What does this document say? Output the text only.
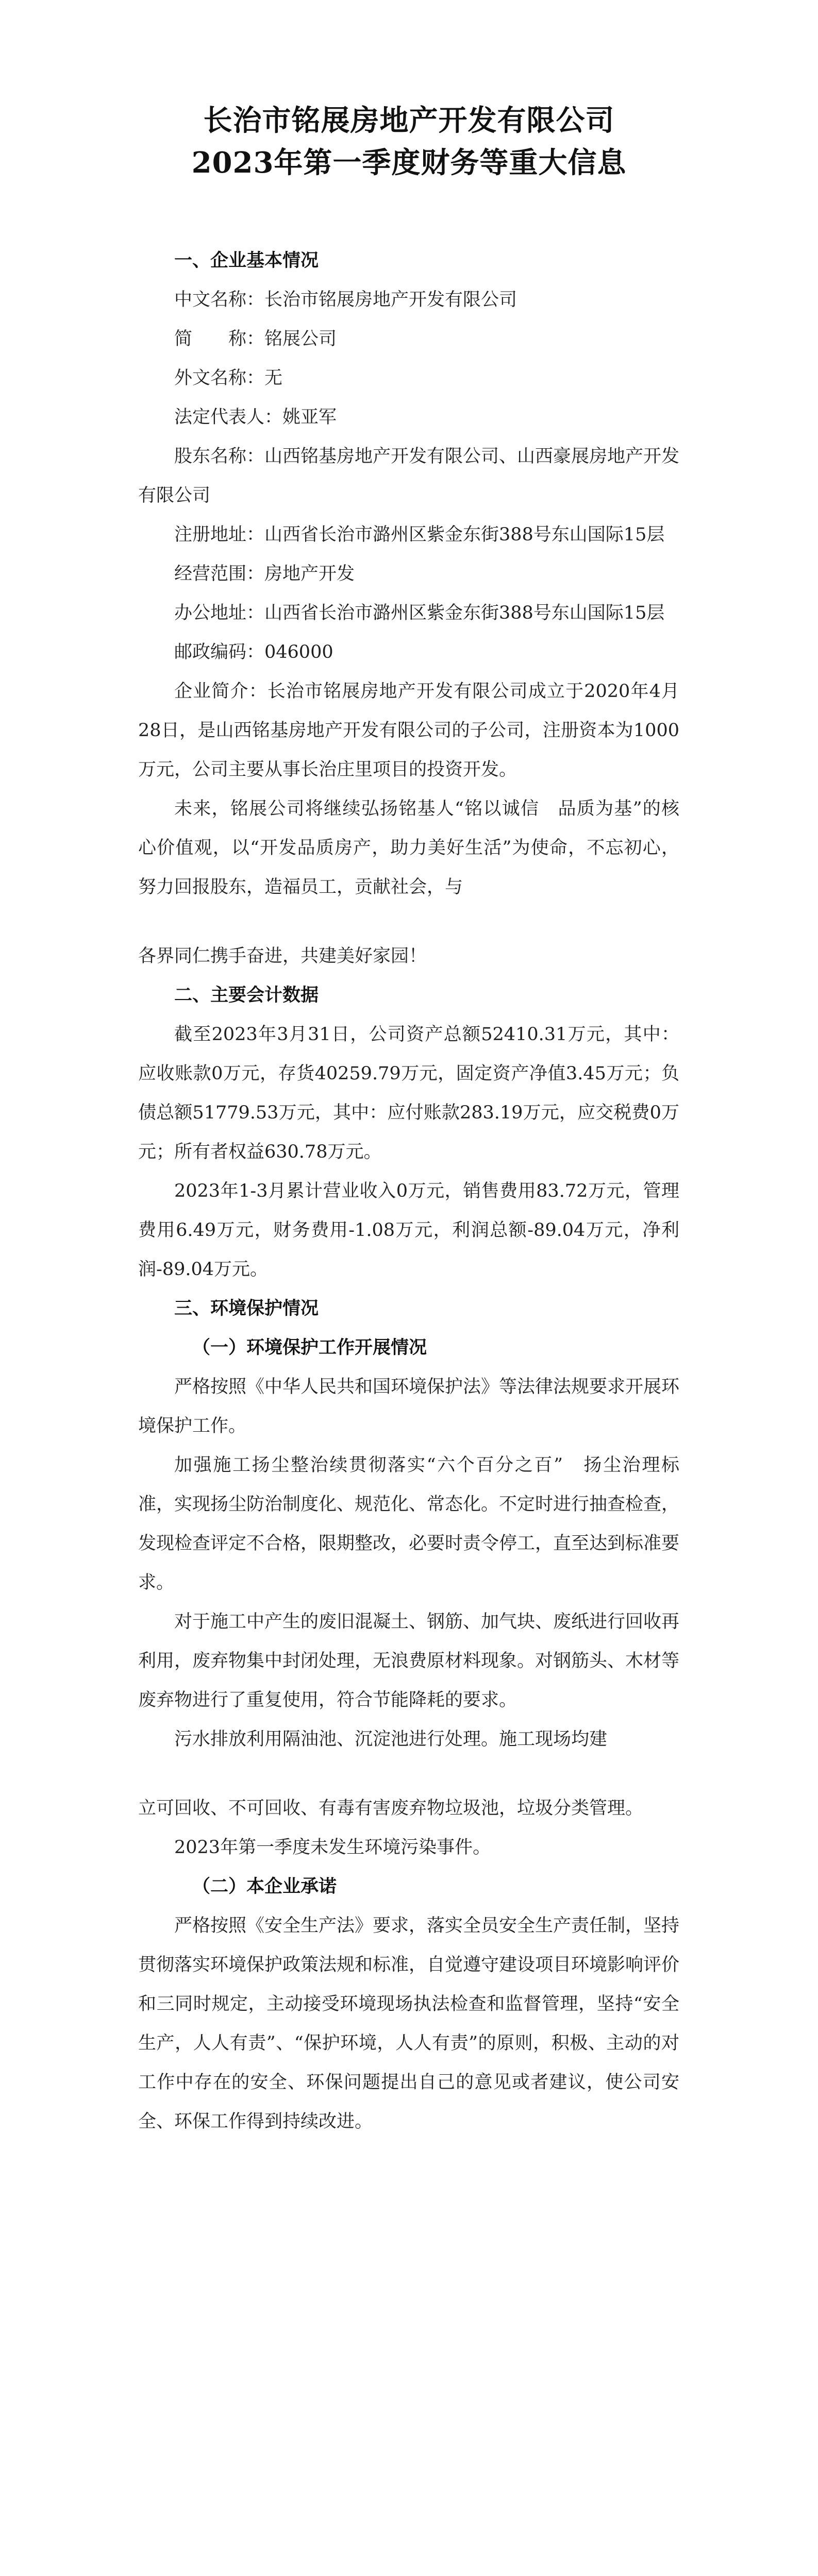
长治市铭展房地产开发有限公司
2023年第一季度财务等重大信息
一、企业基本情况

中文名称：长治市铭展房地产开发有限公司

简　　称：铭展公司

外文名称：无

法定代表人：姚亚军

股东名称：山西铭基房地产开发有限公司、山西豪展房地产开发有限公司

注册地址：山西省长治市潞州区紫金东街388号东山国际15层

经营范围：房地产开发

办公地址：山西省长治市潞州区紫金东街388号东山国际15层

邮政编码：046000

企业简介：长治市铭展房地产开发有限公司成立于2020年4月28日，是山西铭基房地产开发有限公司的子公司，注册资本为1000万元，公司主要从事长治庄里项目的投资开发。

未来，铭展公司将继续弘扬铭基人“铭以诚信　品质为基”的核心价值观，以“开发品质房产，助力美好生活”为使命，不忘初心，努力回报股东，造福员工，贡献社会，与

各界同仁携手奋进，共建美好家园！

二、主要会计数据

截至2023年3月31日，公司资产总额52410.31万元，其中：应收账款0万元，存货40259.79万元，固定资产净值3.45万元；负债总额51779.53万元，其中：应付账款283.19万元，应交税费0万元；所有者权益630.78万元。

2023年1-3月累计营业收入0万元，销售费用83.72万元，管理费用6.49万元，财务费用-1.08万元，利润总额-89.04万元，净利润-89.04万元。

三、环境保护情况
（一）环境保护工作开展情况

严格按照《中华人民共和国环境保护法》等法律法规要求开展环境保护工作。

加强施工扬尘整治续贯彻落实“六个百分之百”　扬尘治理标准，实现扬尘防治制度化、规范化、常态化。不定时进行抽查检查，发现检查评定不合格，限期整改，必要时责令停工，直至达到标准要求。

对于施工中产生的废旧混凝土、钢筋、加气块、废纸进行回收再利用，废弃物集中封闭处理，无浪费原材料现象。对钢筋头、木材等废弃物进行了重复使用，符合节能降耗的要求。

污水排放利用隔油池、沉淀池进行处理。施工现场均建

立可回收、不可回收、有毒有害废弃物垃圾池，垃圾分类管理。

2023年第一季度未发生环境污染事件。

（二）本企业承诺

严格按照《安全生产法》要求，落实全员安全生产责任制，坚持贯彻落实环境保护政策法规和标准，自觉遵守建设项目环境影响评价和三同时规定，主动接受环境现场执法检查和监督管理，坚持“安全生产，人人有责”、“保护环境，人人有责”的原则，积极、主动的对工作中存在的安全、环保问题提出自己的意见或者建议，使公司安全、环保工作得到持续改进。
